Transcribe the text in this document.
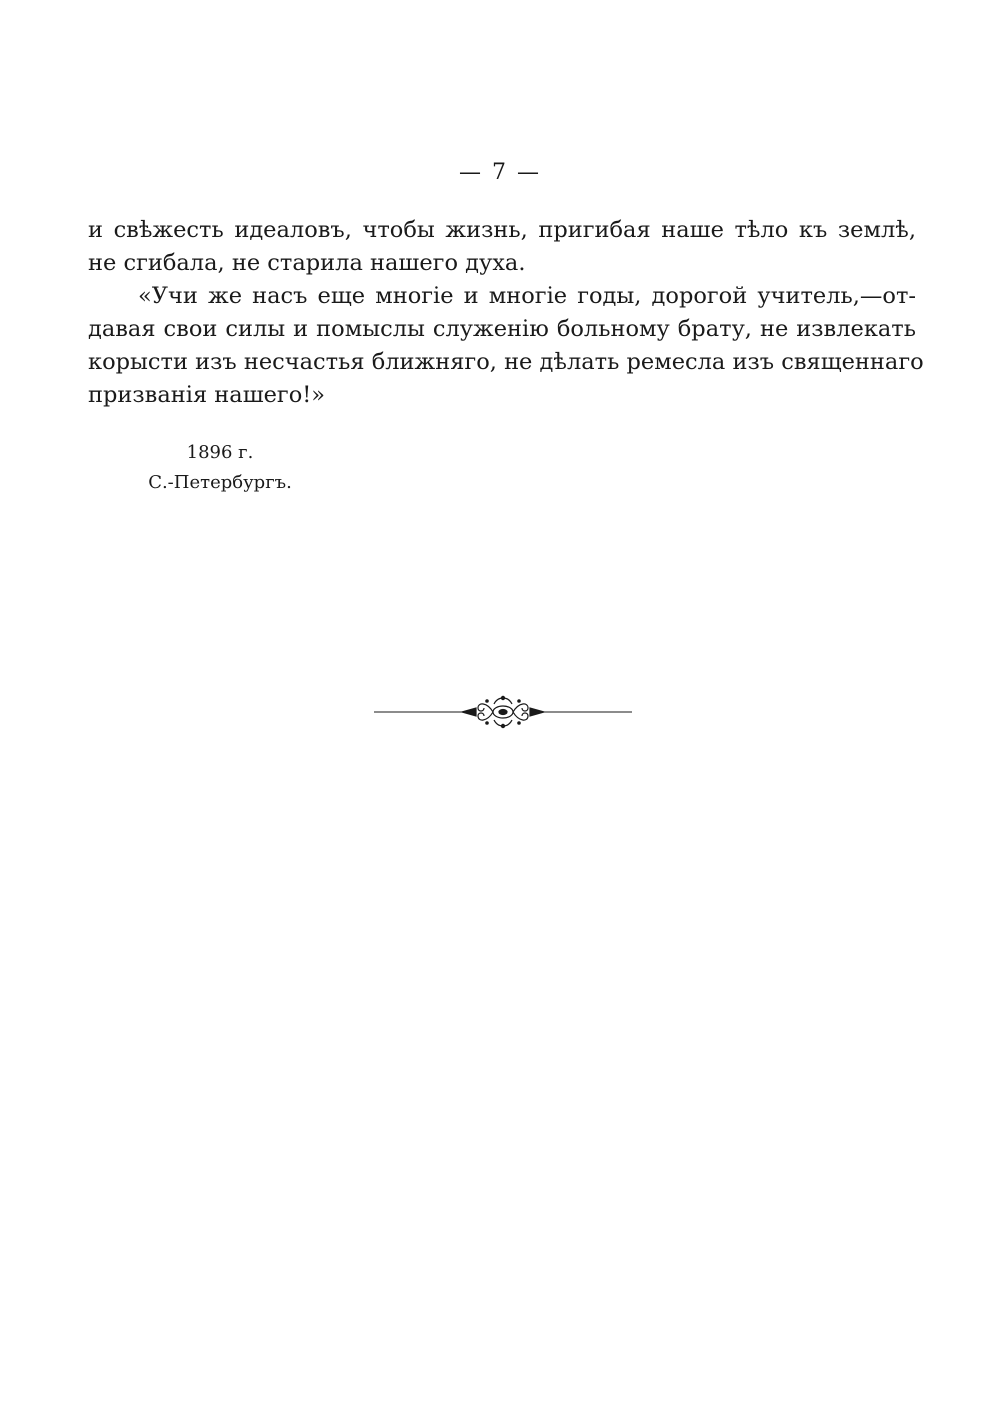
— 7 —
и свѣжесть идеаловъ, чтобы жизнь, пригибая наше тѣло къ землѣ,
не сгибала, не старила нашего духа.
«Учи же насъ еще многіе и многіе годы, дорогой учитель,—от-
давая свои силы и помыслы служенію больному брату, не извлекать
корысти изъ несчастья ближняго, не дѣлать ремесла изъ священнаго
призванія нашего!»
1896 г.
С.-Петербургъ.
